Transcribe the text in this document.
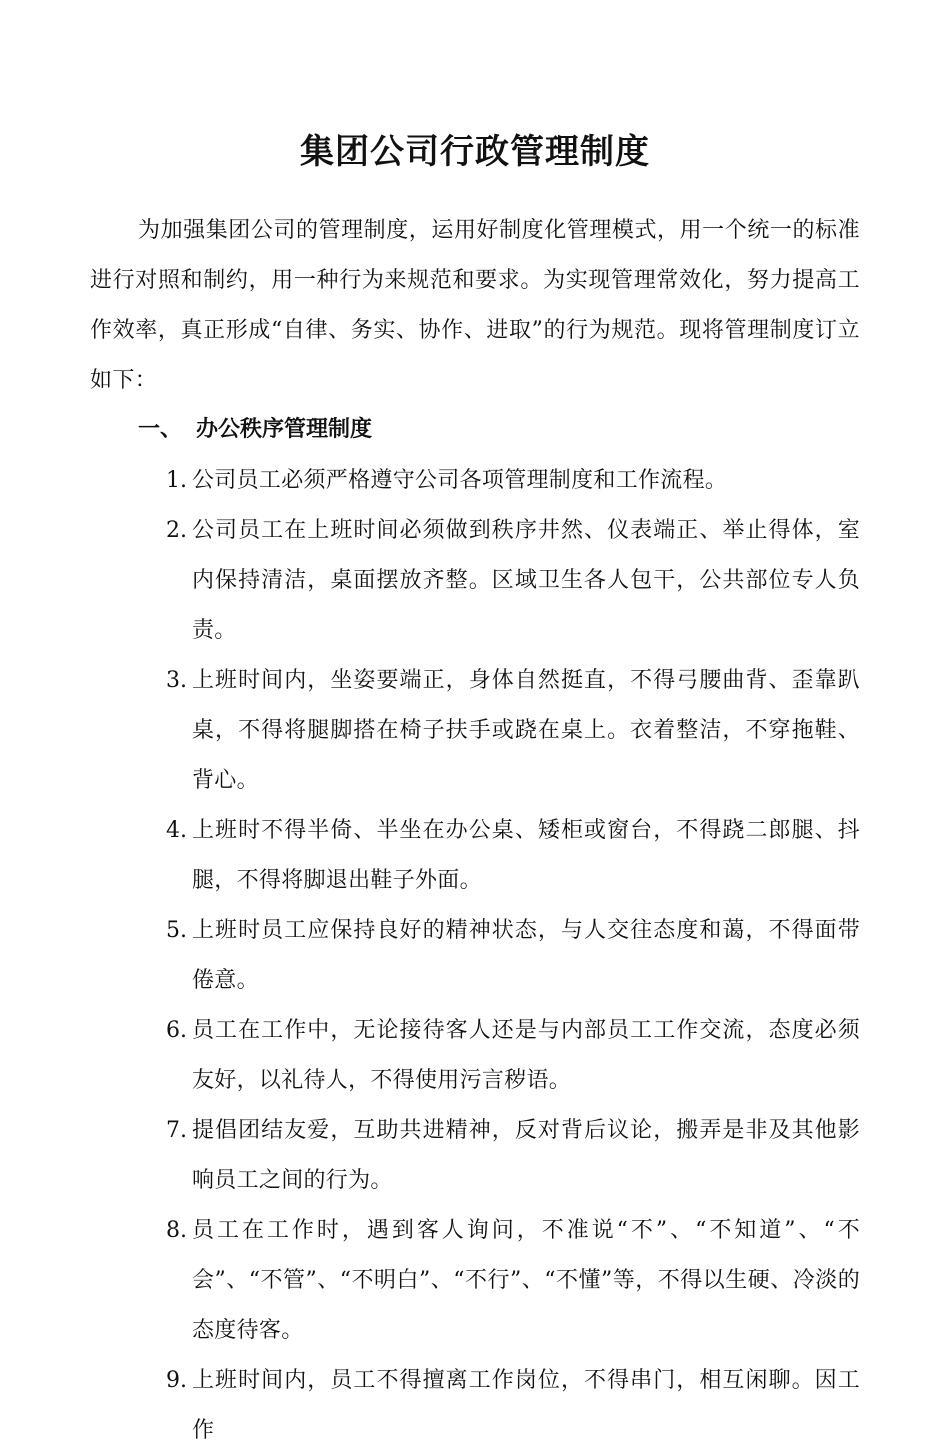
集团公司行政管理制度

为加强集团公司的管理制度，运用好制度化管理模式，用一个统一的标准进行对照和制约，用一种行为来规范和要求。为实现管理常效化，努力提高工作效率，真正形成“自律、务实、协作、进取”的行为规范。现将管理制度订立如下：

一、 办公秩序管理制度
1. 公司员工必须严格遵守公司各项管理制度和工作流程。
2. 公司员工在上班时间必须做到秩序井然、仪表端正、举止得体，室内保持清洁，桌面摆放齐整。区域卫生各人包干，公共部位专人负责。
3. 上班时间内，坐姿要端正，身体自然挺直，不得弓腰曲背、歪靠趴桌，不得将腿脚搭在椅子扶手或跷在桌上。衣着整洁，不穿拖鞋、背心。
4. 上班时不得半倚、半坐在办公桌、矮柜或窗台，不得跷二郎腿、抖腿，不得将脚退出鞋子外面。
5. 上班时员工应保持良好的精神状态，与人交往态度和蔼，不得面带倦意。
6. 员工在工作中，无论接待客人还是与内部员工工作交流，态度必须友好，以礼待人，不得使用污言秽语。
7. 提倡团结友爱，互助共进精神，反对背后议论，搬弄是非及其他影响员工之间的行为。
8. 员工在工作时，遇到客人询问，不准说“不”、“不知道”、“不会”、“不管”、“不明白”、“不行”、“不懂”等，不得以生硬、冷淡的态度待客。
9. 上班时间内，员工不得擅离工作岗位，不得串门，相互闲聊。因工作
